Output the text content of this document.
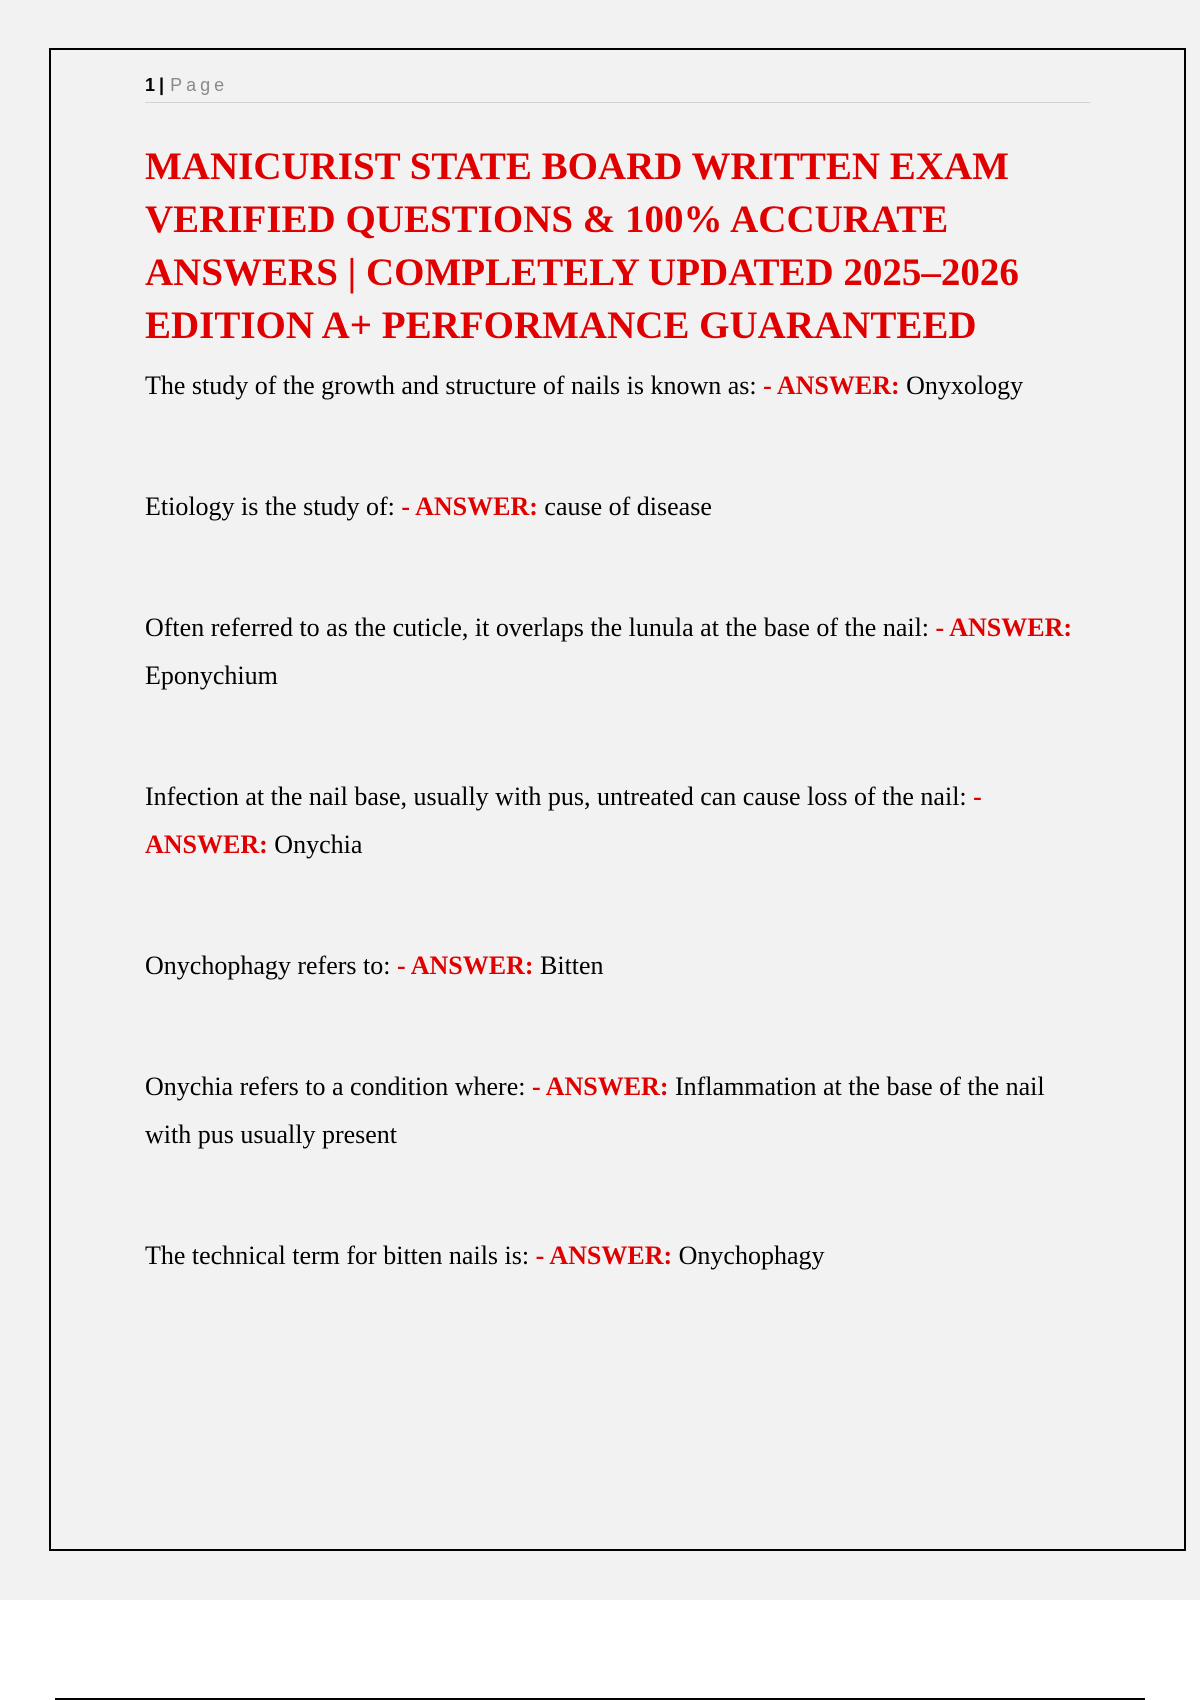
1 | Page
MANICURIST STATE BOARD WRITTEN EXAM VERIFIED QUESTIONS & 100% ACCURATE ANSWERS | COMPLETELY UPDATED 2025–2026 EDITION A+ PERFORMANCE GUARANTEED

The study of the growth and structure of nails is known as: - ANSWER: Onyxology

Etiology is the study of: - ANSWER: cause of disease

Often referred to as the cuticle, it overlaps the lunula at the base of the nail: - ANSWER: Eponychium

Infection at the nail base, usually with pus, untreated can cause loss of the nail: - ANSWER: Onychia

Onychophagy refers to: - ANSWER: Bitten

Onychia refers to a condition where: - ANSWER: Inflammation at the base of the nail with pus usually present

The technical term for bitten nails is: - ANSWER: Onychophagy
